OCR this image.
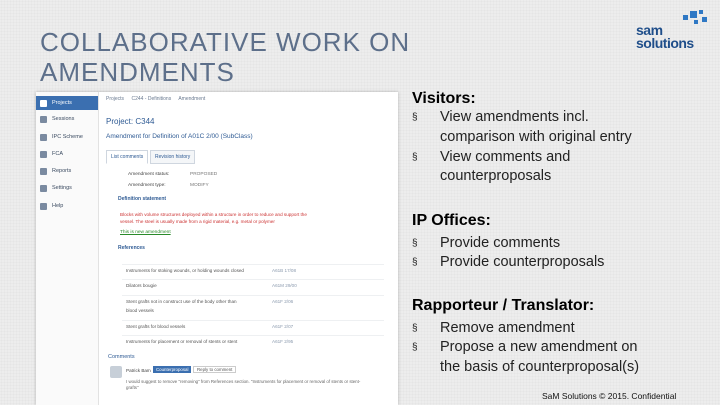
COLLABORATIVE WORK ON
AMENDMENTS
sam
solutions
Projects
Sessions
IPC Scheme
FCA
Reports
Settings
Help
Projects C244 - Definitions Amendment
Project: C344
Amendment for Definition of A01C 2/00 (SubClass)
List comments	Revision history
Amendment status:	PROPOSED
Amendment type:	MODIFY
Definition statement
Blocks with volume structures deployed within a structure in order to reduce and support the
vessel. The steel is usually made from a rigid material, e.g. metal or polymer
This is new amendment
References
Instruments for stoking wounds, or holding wounds closed	A61B 17/08
Dilators bougie	A61M 29/00
Stent grafts not in construct use of the body other than	A61F 2/06
blood vessels
Stent grafts for blood vessels	A61F 2/07
Instruments for placement or removal of stents or stent	A61F 2/95
Comments
Patrick Bam	Counterproposal	Reply to comment
I would suggest to remove "removing" from References section. "Instruments for placement or removal of stents or stent-grafts"
Visitors:
§ View amendments incl.
comparison with original entry
§ View comments and
counterproposals
IP Offices:
§ Provide comments
§ Provide counterproposals
Rapporteur / Translator:
§ Remove amendment
§ Propose a new amendment on
the basis of counterproposal(s)
SaM Solutions © 2015. Confidential
